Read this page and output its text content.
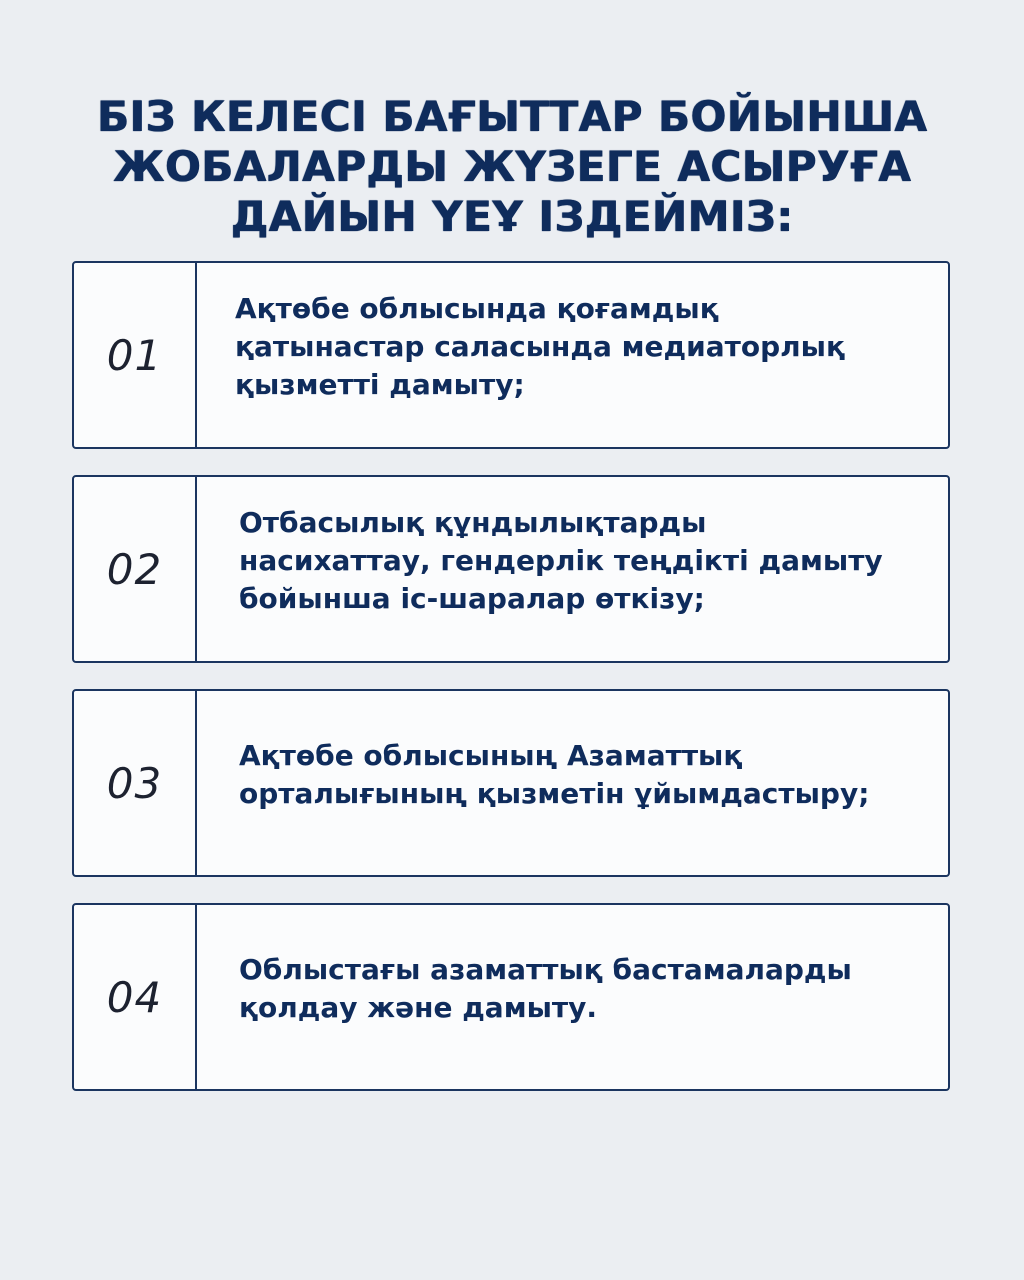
БІЗ КЕЛЕСІ БАҒЫТТАР БОЙЫНША
ЖОБАЛАРДЫ ЖҮЗЕГЕ АСЫРУҒА
ДАЙЫН ҮЕҰ ІЗДЕЙМІЗ:
01
Ақтөбе облысында қоғамдық
қатынастар саласында медиаторлық
қызметті дамыту;
02
Отбасылық құндылықтарды
насихаттау, гендерлік теңдікті дамыту
бойынша іс-шаралар өткізу;
03
Ақтөбе облысының Азаматтық
орталығының қызметін ұйымдастыру;
04
Облыстағы азаматтық бастамаларды
қолдау және дамыту.
